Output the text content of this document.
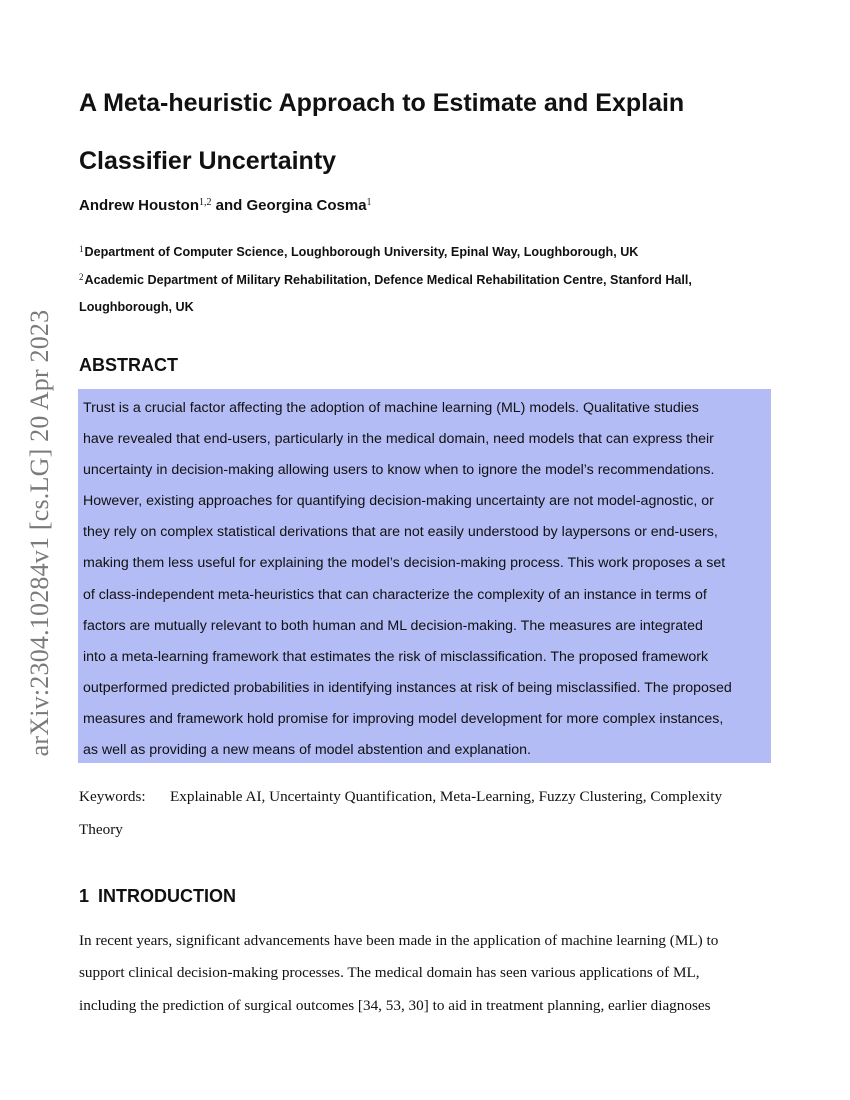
arXiv:2304.10284v1 [cs.LG] 20 Apr 2023
A Meta-heuristic Approach to Estimate and Explain
Classifier Uncertainty
Andrew Houston$^{1,2}$ and Georgina Cosma$^1$
$^1$Department of Computer Science, Loughborough University, Epinal Way, Loughborough, UK
$^2$Academic Department of Military Rehabilitation, Defence Medical Rehabilitation Centre, Stanford Hall,
Loughborough, UK
ABSTRACT
Trust is a crucial factor affecting the adoption of machine learning (ML) models. Qualitative studies
have revealed that end-users, particularly in the medical domain, need models that can express their
uncertainty in decision-making allowing users to know when to ignore the model’s recommendations.
However, existing approaches for quantifying decision-making uncertainty are not model-agnostic, or
they rely on complex statistical derivations that are not easily understood by laypersons or end-users,
making them less useful for explaining the model’s decision-making process. This work proposes a set
of class-independent meta-heuristics that can characterize the complexity of an instance in terms of
factors are mutually relevant to both human and ML decision-making. The measures are integrated
into a meta-learning framework that estimates the risk of misclassification. The proposed framework
outperformed predicted probabilities in identifying instances at risk of being misclassified. The proposed
measures and framework hold promise for improving model development for more complex instances,
as well as providing a new means of model abstention and explanation.
Keywords: Explainable AI, Uncertainty Quantification, Meta-Learning, Fuzzy Clustering, Complexity
Theory
1 INTRODUCTION
In recent years, significant advancements have been made in the application of machine learning (ML) to
support clinical decision-making processes. The medical domain has seen various applications of ML,
including the prediction of surgical outcomes [34, 53, 30] to aid in treatment planning, earlier diagnoses
